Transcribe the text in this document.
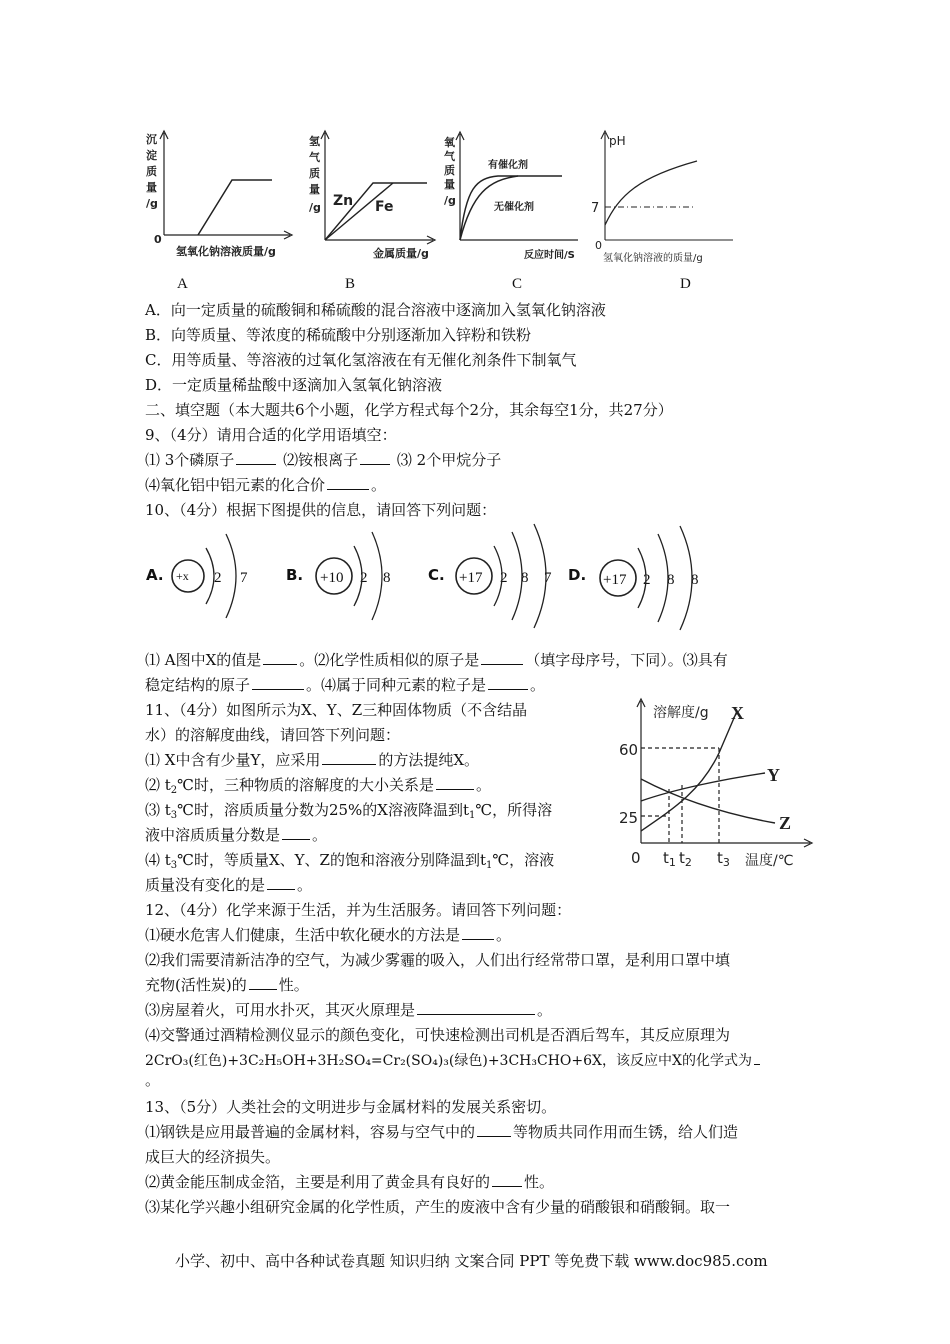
沉
淀
质
量
/g
0
氢氧化钠溶液质量/g
氢
气
质
量
/g Zn Fe
金属质量/g
氧
气
质
量
/g
有催化剂
无催化剂
反应时间/S
pH
7
0
氢氧化钠溶液的质量/g
A	B	C	D
A．向一定质量的硫酸铜和稀硫酸的混合溶液中逐滴加入氢氧化钠溶液
B．向等质量、等浓度的稀硫酸中分别逐渐加入锌粉和铁粉
C．用等质量、等溶液的过氧化氢溶液在有无催化剂条件下制氧气
D．一定质量稀盐酸中逐滴加入氢氧化钠溶液
二、填空题（本大题共6个小题，化学方程式每个2分，其余每空1分，共27分）
9、（4分）请用合适的化学用语填空：
⑴ 3个磷原子	⑵铵根离子	⑶ 2个甲烷分子
⑷氧化铝中铝元素的化合价	。
10、（4分）根据下图提供的信息，请回答下列问题：
A. +x 2 7	B. +10 2 8	C. +17 2 8 7 D. +17 2 8 8
⑴ A图中X的值是	。⑵化学性质相似的原子是	（填字母序号，下同）。⑶具有
稳定结构的原子	。⑷属于同种元素的粒子是	。
11、（4分）如图所示为X、Y、Z三种固体物质（不含结晶
水）的溶解度曲线，请回答下列问题：
⑴ X中含有少量Y，应采用	的方法提纯X。
⑵ $t_2℃$时，三种物质的溶解度的大小关系是	。
⑶ $t_3℃$时，溶质质量分数为25%的X溶液降温到$t_1℃$，所得溶
液中溶质质量分数是 。
⑷ $t_3℃$时，等质量X、Y、Z的饱和溶液分别降温到$t_1℃$，溶液
质量没有变化的是 。
溶解度/g X
Y
Z
60
25
0 $t_1$ $t_2$ $t_3$ 温度/℃
12、（4分）化学来源于生活，并为生活服务。请回答下列问题：
⑴硬水危害人们健康，生活中软化硬水的方法是 。
⑵我们需要清新洁净的空气，为减少雾霾的吸入，人们出行经常带口罩，是利用口罩中填
充物(活性炭)的 性。
⑶房屋着火，可用水扑灭，其灭火原理是	。
⑷交警通过酒精检测仪显示的颜色变化，可快速检测出司机是否酒后驾车，其反应原理为
2CrO₃(红色)+3C₂H₅OH+3H₂SO₄=Cr₂(SO₄)₃(绿色)+3CH₃CHO+6X，该反应中X的化学式为
。
13、（5分）人类社会的文明进步与金属材料的发展关系密切。
⑴钢铁是应用最普遍的金属材料，容易与空气中的	等物质共同作用而生锈，给人们造
成巨大的经济损失。
⑵黄金能压制成金箔，主要是利用了黄金具有良好的 性。
⑶某化学兴趣小组研究金属的化学性质，产生的废液中含有少量的硝酸银和硝酸铜。取一
小学、初中、高中各种试卷真题 知识归纳 文案合同 PPT 等免费下载 www.doc985.com
